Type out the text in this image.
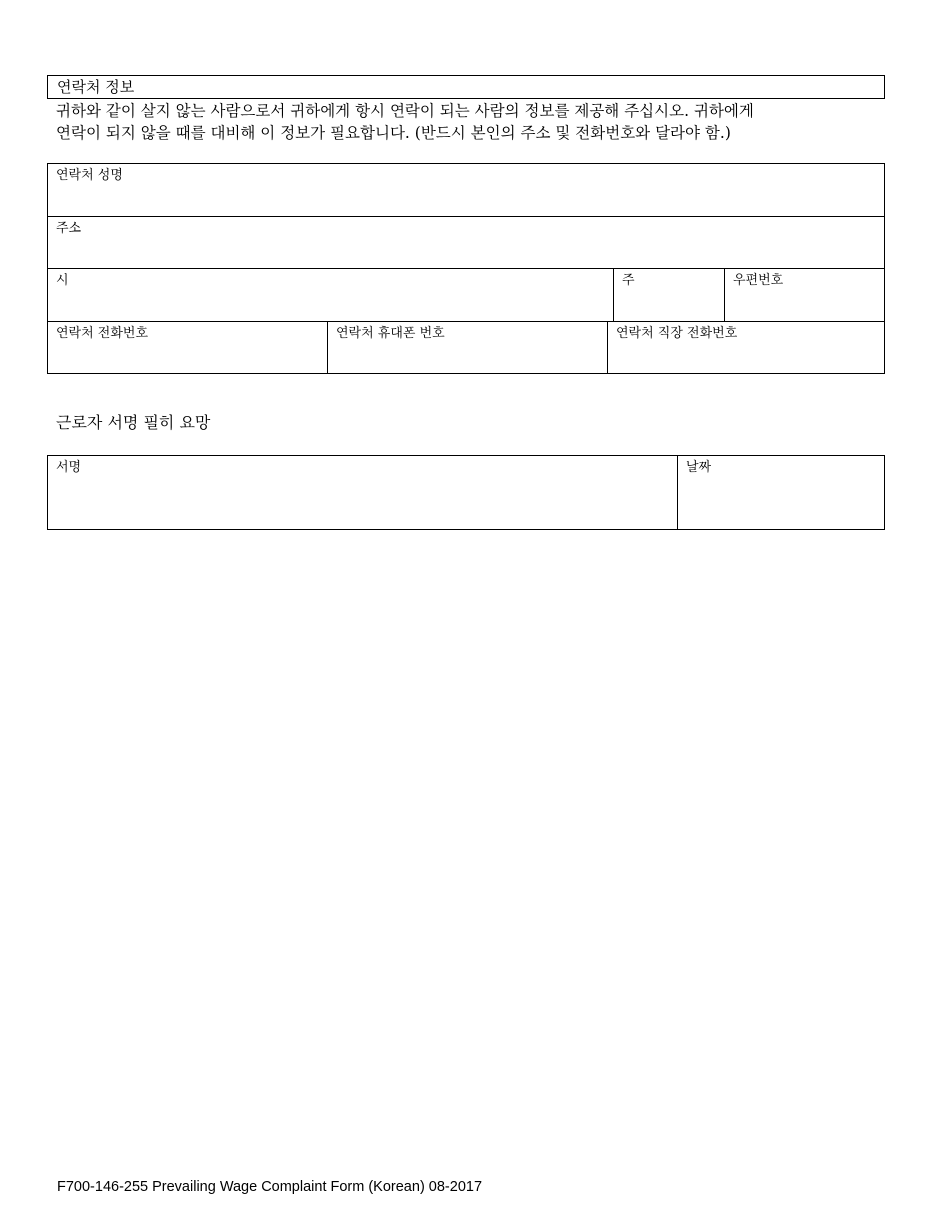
연락처 정보
귀하와 같이 살지 않는 사람으로서 귀하에게 항시 연락이 되는 사람의 정보를 제공해 주십시오. 귀하에게
연락이 되지 않을 때를 대비해 이 정보가 필요합니다. (반드시 본인의 주소 및 전화번호와 달라야 함.)
연락처 성명
주소
시	주	우편번호
연락처 전화번호	연락처 휴대폰 번호	연락처 직장 전화번호
근로자 서명 필히 요망
서명	날짜
F700-146-255 Prevailing Wage Complaint Form (Korean) 08-2017
